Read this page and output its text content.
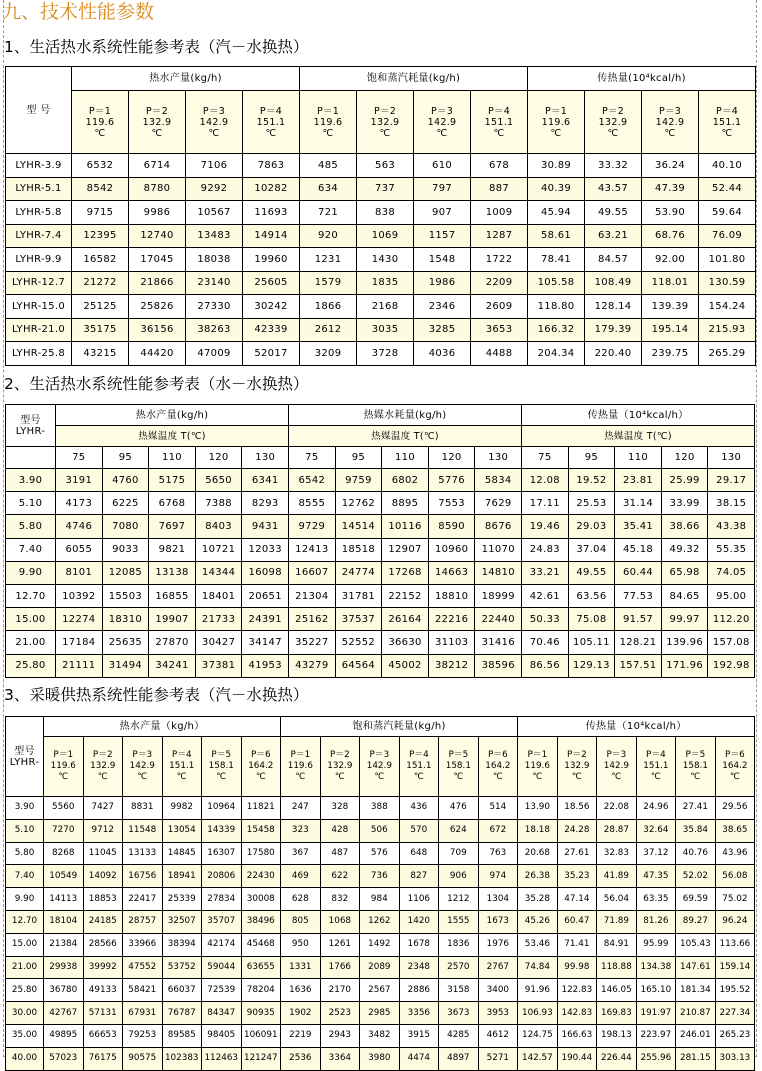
九、技术性能参数
1、生活热水系统性能参考表（汽－水换热）
型 号	热水产量(kg/h)				饱和蒸汽耗量(kg/h)				传热量(10⁴kcal/h)			

	P＝1
119.6
℃	P＝2
132.9
℃	P＝3
142.9
℃	P＝4
151.1
℃	P＝1
119.6
℃	P＝2
132.9
℃	P＝3
142.9
℃	P＝4
151.1
℃	P＝1
119.6
℃	P＝2
132.9
℃	P＝3
142.9
℃	P＝4
151.1
℃

LYHR-3.9	6532	6714	7106	7863	485	563	610	678	30.89	33.32	36.24	40.10
LYHR-5.1	8542	8780	9292	10282	634	737	797	887	40.39	43.57	47.39	52.44
LYHR-5.8	9715	9986	10567	11693	721	838	907	1009	45.94	49.55	53.90	59.64
LYHR-7.4	12395	12740	13483	14914	920	1069	1157	1287	58.61	63.21	68.76	76.09
LYHR-9.9	16582	17045	18038	19960	1231	1430	1548	1722	78.41	84.57	92.00	101.80
LYHR-12.7	21272	21866	23140	25605	1579	1835	1986	2209	105.58	108.49	118.01	130.59
LYHR-15.0	25125	25826	27330	30242	1866	2168	2346	2609	118.80	128.14	139.39	154.24
LYHR-21.0	35175	36156	38263	42339	2612	3035	3285	3653	166.32	179.39	195.14	215.93
LYHR-25.8	43215	44420	47009	52017	3209	3728	4036	4488	204.34	220.40	239.75	265.29
2、生活热水系统性能参考表（水－水换热）
型号
LYHR-	热水产量(kg/h)					热媒水耗量(kg/h)					传热量（10⁴kcal/h）				
	热媒温度 T(℃)					热媒温度 T(℃)					热媒温度 T(℃)				
	75	95	110	120	130	75	95	110	120	130	75	95	110	120	130
3.90	3191	4760	5175	5650	6341	6542	9759	6802	5776	5834	12.08	19.52	23.81	25.99	29.17
5.10	4173	6225	6768	7388	8293	8555	12762	8895	7553	7629	17.11	25.53	31.14	33.99	38.15
5.80	4746	7080	7697	8403	9431	9729	14514	10116	8590	8676	19.46	29.03	35.41	38.66	43.38
7.40	6055	9033	9821	10721	12033	12413	18518	12907	10960	11070	24.83	37.04	45.18	49.32	55.35
9.90	8101	12085	13138	14344	16098	16607	24774	17268	14663	14810	33.21	49.55	60.44	65.98	74.05
12.70	10392	15503	16855	18401	20651	21304	31781	22152	18810	18999	42.61	63.56	77.53	84.65	95.00
15.00	12274	18310	19907	21733	24391	25162	37537	26164	22216	22440	50.33	75.08	91.57	99.97	112.20
21.00	17184	25635	27870	30427	34147	35227	52552	36630	31103	31416	70.46	105.11	128.21	139.96	157.08
25.80	21111	31494	34241	37381	41953	43279	64564	45002	38212	38596	86.56	129.13	157.51	171.96	192.98
3、采暖供热系统性能参考表（汽－水换热）
型号
LYHR-	热水产量（kg/h）						饱和蒸汽耗量(kg/h)						传热量（10⁴kcal/h）					

	P＝1
119.6
℃	P＝2
132.9
℃	P＝3
142.9
℃	P＝4
151.1
℃	P＝5
158.1
℃	P＝6
164.2
℃	P＝1
119.6
℃	P＝2
132.9
℃	P＝3
142.9
℃	P＝4
151.1
℃	P＝5
158.1
℃	P＝6
164.2
℃	P＝1
119.6
℃	P＝2
132.9
℃	P＝3
142.9
℃	P＝4
151.1
℃	P＝5
158.1
℃	P＝6
164.2
℃

3.90	5560	7427	8831	9982	10964	11821	247	328	388	436	476	514	13.90	18.56	22.08	24.96	27.41	29.56
5.10	7270	9712	11548	13054	14339	15458	323	428	506	570	624	672	18.18	24.28	28.87	32.64	35.84	38.65
5.80	8268	11045	13133	14845	16307	17580	367	487	576	648	709	763	20.68	27.61	32.83	37.12	40.76	43.96
7.40	10549	14092	16756	18941	20806	22430	469	622	736	827	906	974	26.38	35.23	41.89	47.35	52.02	56.08
9.90	14113	18853	22417	25339	27834	30008	628	832	984	1106	1212	1304	35.28	47.14	56.04	63.35	69.59	75.02
12.70	18104	24185	28757	32507	35707	38496	805	1068	1262	1420	1555	1673	45.26	60.47	71.89	81.26	89.27	96.24
15.00	21384	28566	33966	38394	42174	45468	950	1261	1492	1678	1836	1976	53.46	71.41	84.91	95.99	105.43	113.66
21.00	29938	39992	47552	53752	59044	63655	1331	1766	2089	2348	2570	2767	74.84	99.98	118.88	134.38	147.61	159.14
25.80	36780	49133	58421	66037	72539	78204	1636	2170	2567	2886	3158	3400	91.96	122.83	146.05	165.10	181.34	195.52
30.00	42767	57131	67931	76787	84347	90935	1902	2523	2985	3356	3673	3953	106.93	142.83	169.83	191.97	210.87	227.34
35.00	49895	66653	79253	89585	98405	106091	2219	2943	3482	3915	4285	4612	124.75	166.63	198.13	223.97	246.01	265.23
40.00	57023	76175	90575	102383	112463	121247	2536	3364	3980	4474	4897	5271	142.57	190.44	226.44	255.96	281.15	303.13
